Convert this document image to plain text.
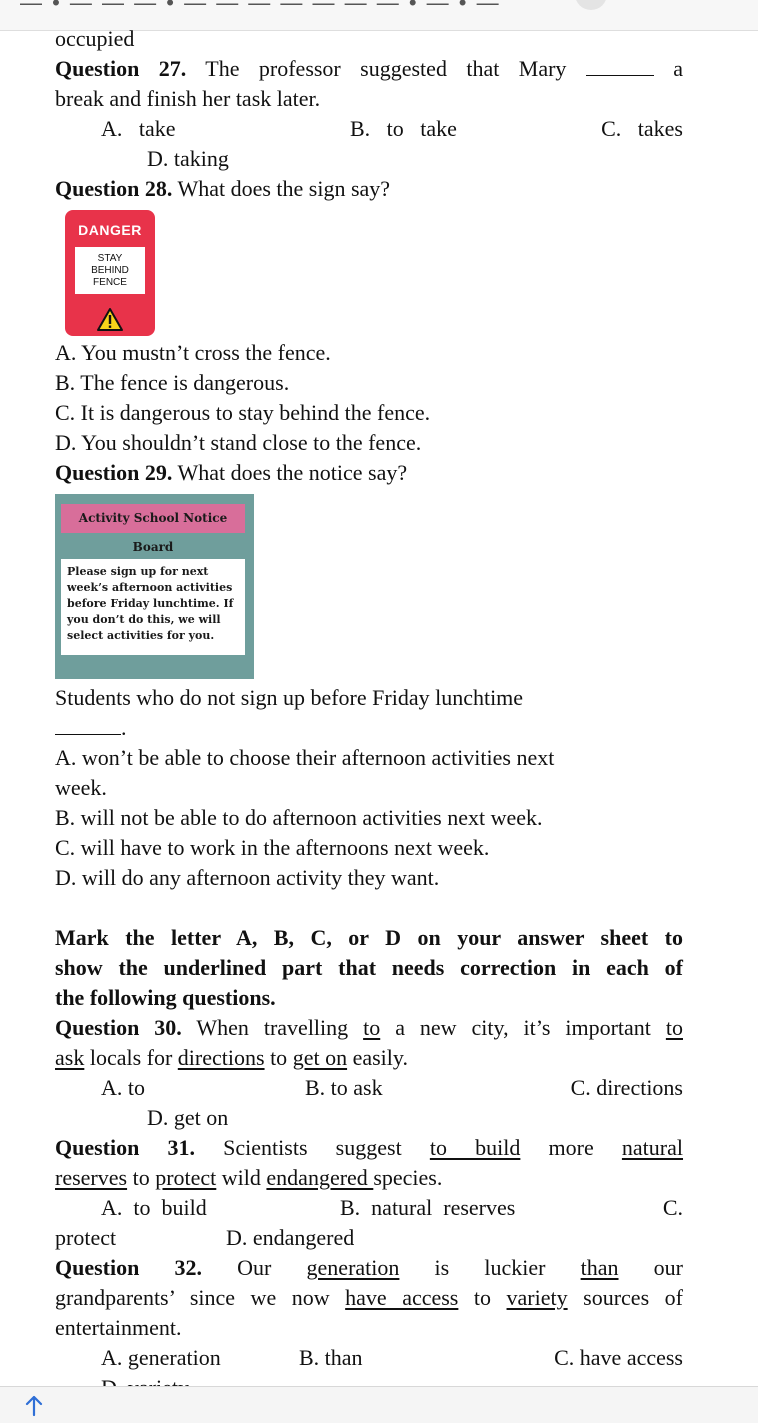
— • — — — • — — — — — — — • — • —

occupied

Question 27. The professor suggested that Mary	a

break and finish her task later.

A.   take	B.   to   take	C.   takes
D. taking

Question 28. What does the sign say?

DANGER
STAY
BEHIND
FENCE

A. You mustn’t cross the fence.

B. The fence is dangerous.

C. It is dangerous to stay behind the fence.

D. You shouldn’t stand close to the fence.

Question 29. What does the notice say?

Activity School Notice Board
Please sign up for next
week’s afternoon activities
before Friday lunchtime. If
you don’t do this, we will
select activities for you.

Students who do not sign up before Friday lunchtime

.

A. won’t be able to choose their afternoon activities next

week.

B. will not be able to do afternoon activities next week.

C. will have to work in the afternoons next week.

D. will do any afternoon activity they want.

Mark the letter A, B, C, or D on your answer sheet to

show the underlined part that needs correction in each of

the following questions.

Question 30. When travelling to a new city, it’s important to

ask locals for directions to get on easily.

A. to	B. to ask	C. directions
D. get on

Question 31. Scientists suggest to build more natural

reserves to protect wild endangered species.

A.  to  build	B.  natural  reserves	C.
protect	D. endangered

Question 32. Our generation is luckier than our

grandparents’ since we now have access to variety sources of

entertainment.

A. generation	B. than	C. have access
